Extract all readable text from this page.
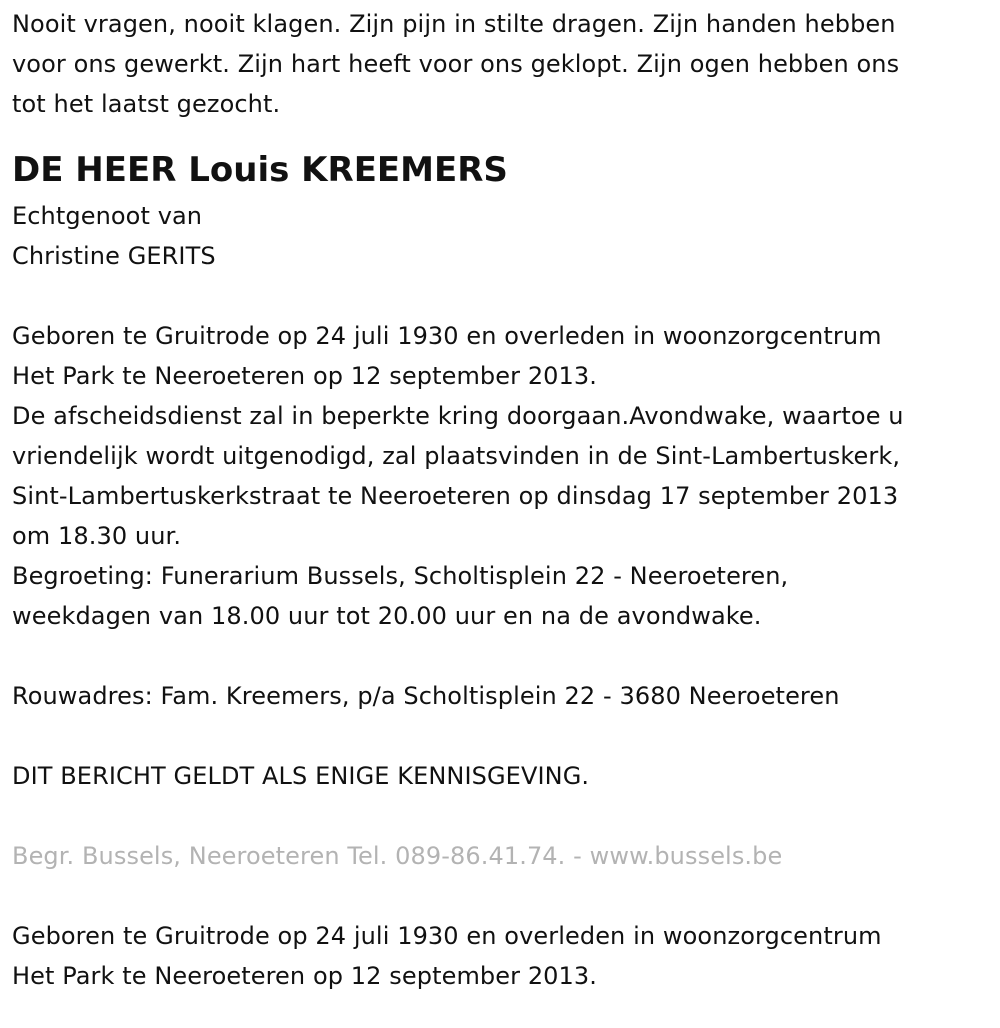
Nooit vragen, nooit klagen. Zijn pijn in stilte dragen. Zijn handen hebben
voor ons gewerkt. Zijn hart heeft voor ons geklopt. Zijn ogen hebben ons
tot het laatst gezocht.
DE HEER Louis KREEMERS
Echtgenoot van
Christine GERITS
Geboren te Gruitrode op 24 juli 1930 en overleden in woonzorgcentrum
Het Park te Neeroeteren op 12 september 2013.
De afscheidsdienst zal in beperkte kring doorgaan.Avondwake, waartoe u
vriendelijk wordt uitgenodigd, zal plaatsvinden in de Sint-Lambertuskerk,
Sint-Lambertuskerkstraat te Neeroeteren op dinsdag 17 september 2013
om 18.30 uur.
Begroeting: Funerarium Bussels, Scholtisplein 22 - Neeroeteren,
weekdagen van 18.00 uur tot 20.00 uur en na de avondwake.
Rouwadres: Fam. Kreemers, p/a Scholtisplein 22 - 3680 Neeroeteren
DIT BERICHT GELDT ALS ENIGE KENNISGEVING.
Begr. Bussels, Neeroeteren Tel. 089-86.41.74. - www.bussels.be
Geboren te Gruitrode op 24 juli 1930 en overleden in woonzorgcentrum
Het Park te Neeroeteren op 12 september 2013.
